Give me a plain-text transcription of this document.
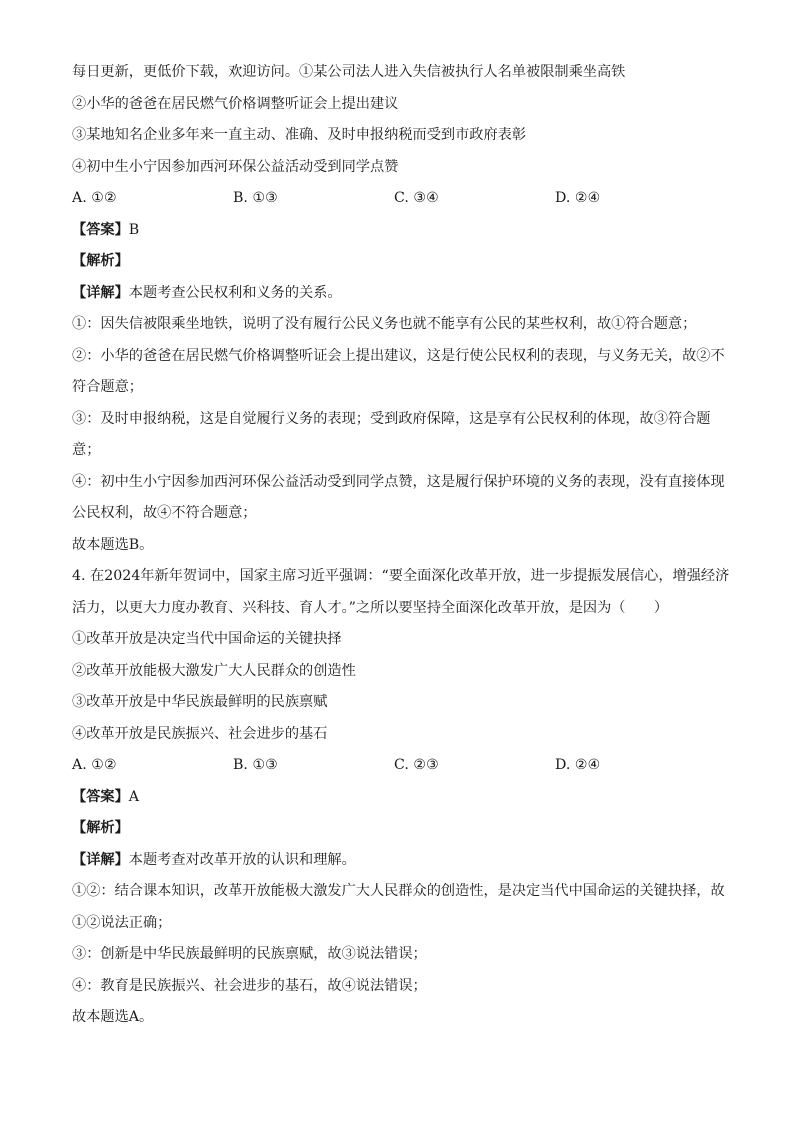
每日更新，更低价下载，欢迎访问。①某公司法人进入失信被执行人名单被限制乘坐高铁
②小华的爸爸在居民燃气价格调整听证会上提出建议
③某地知名企业多年来一直主动、准确、及时申报纳税而受到市政府表彰
④初中生小宁因参加西河环保公益活动受到同学点赞
A. ①②	B. ①③	C. ③④	D. ②④
【答案】B
【解析】
【详解】本题考查公民权利和义务的关系。
①：因失信被限乘坐地铁，说明了没有履行公民义务也就不能享有公民的某些权利，故①符合题意；
②：小华的爸爸在居民燃气价格调整听证会上提出建议，这是行使公民权利的表现，与义务无关，故②不
符合题意；
③：及时申报纳税，这是自觉履行义务的表现；受到政府保障，这是享有公民权利的体现，故③符合题
意；
④：初中生小宁因参加西河环保公益活动受到同学点赞，这是履行保护环境的义务的表现，没有直接体现
公民权利，故④不符合题意；
故本题选B。
4. 在2024年新年贺词中，国家主席习近平强调：“要全面深化改革开放，进一步提振发展信心，增强经济
活力，以更大力度办教育、兴科技、育人才。”之所以要坚持全面深化改革开放，是因为（　　）
①改革开放是决定当代中国命运的关键抉择
②改革开放能极大激发广大人民群众的创造性
③改革开放是中华民族最鲜明的民族禀赋
④改革开放是民族振兴、社会进步的基石
A. ①②	B. ①③	C. ②③	D. ②④
【答案】A
【解析】
【详解】本题考查对改革开放的认识和理解。
①②：结合课本知识，改革开放能极大激发广大人民群众的创造性，是决定当代中国命运的关键抉择，故
①②说法正确；
③：创新是中华民族最鲜明的民族禀赋，故③说法错误；
④：教育是民族振兴、社会进步的基石，故④说法错误；
故本题选A。
